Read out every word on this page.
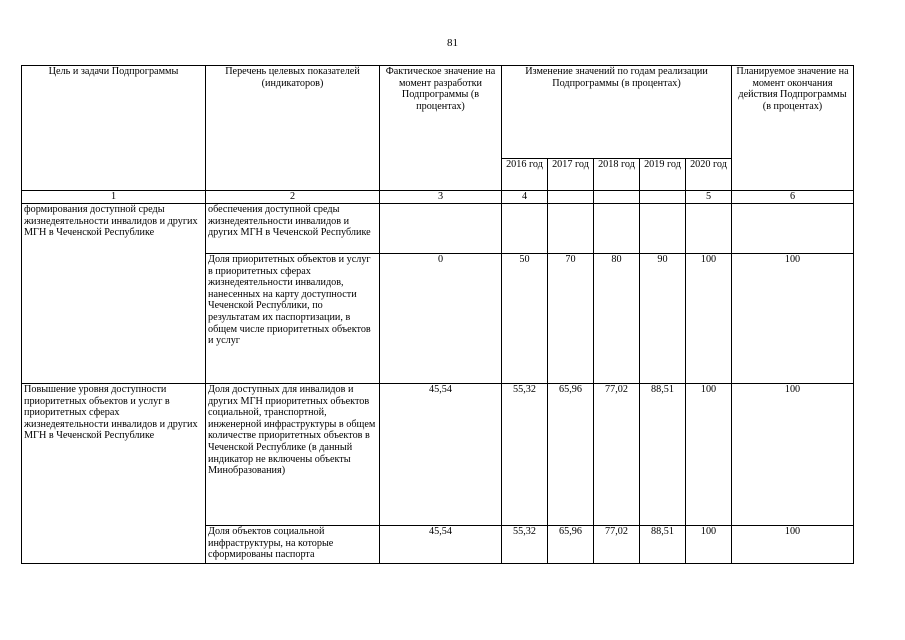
81
Цель и задачи Подпрограммы	Перечень целевых показателей (индикаторов)	Фактическое значение на момент разработки Подпрограммы (в процентах)	Изменение значений по годам реализации Подпрограммы (в процентах)					Планируемое значение на момент окончания действия Подпрограммы (в процентах)
			2016 год	2017 год	2018 год	2019 год	2020 год	
1	2	3	4				5	6
формирования доступной среды жизнедеятельности инвалидов и других МГН в Чеченской Республике	обеспечения доступной среды жизнедеятельности инвалидов и других МГН в Чеченской Республике							
	Доля приоритетных объектов и услуг в приоритетных сферах жизнедеятельности инвалидов, нанесенных на карту доступности Чеченской Республики, по результатам их паспортизации, в общем числе приоритетных объектов и услуг	0	50	70	80	90	100	100
Повышение уровня доступности приоритетных объектов и услуг в приоритетных сферах жизнедеятельности инвалидов и других МГН в Чеченской Республике	Доля доступных для инвалидов и других МГН приоритетных объектов социальной, транспортной, инженерной инфраструктуры в общем количестве приоритетных объектов в Чеченской Республике (в данный индикатор не включены объекты Минобразования)	45,54	55,32	65,96	77,02	88,51	100	100

	Доля объектов социальной инфраструктуры, на которые сформированы паспорта	45,54	55,32	65,96	77,02	88,51	100	100
